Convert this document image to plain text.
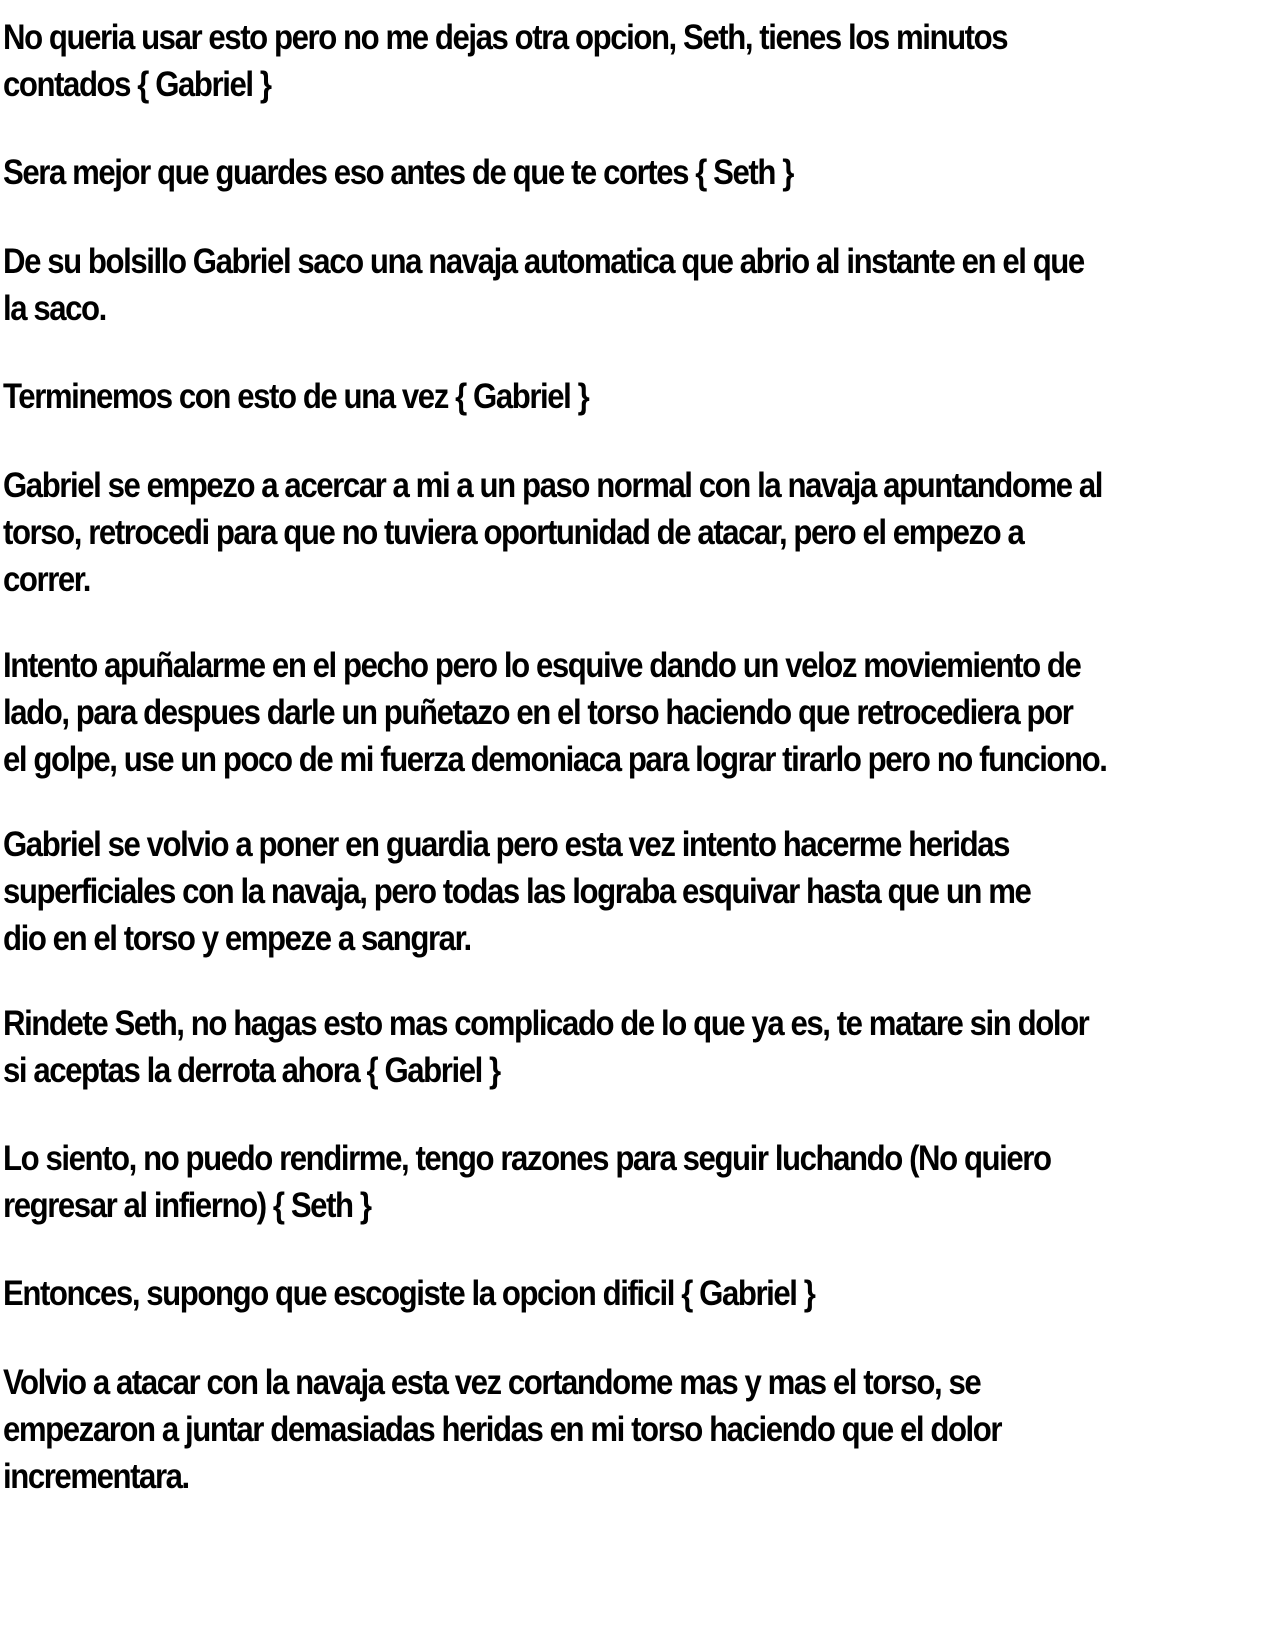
No queria usar esto pero no me dejas otra opcion, Seth, tienes los minutos
contados { Gabriel }

Sera mejor que guardes eso antes de que te cortes { Seth }

De su bolsillo Gabriel saco una navaja automatica que abrio al instante en el que
la saco.

Terminemos con esto de una vez { Gabriel }

Gabriel se empezo a acercar a mi a un paso normal con la navaja apuntandome al
torso, retrocedi para que no tuviera oportunidad de atacar, pero el empezo a
correr.

Intento apuñalarme en el pecho pero lo esquive dando un veloz moviemiento de
lado, para despues darle un puñetazo en el torso haciendo que retrocediera por
el golpe, use un poco de mi fuerza demoniaca para lograr tirarlo pero no funciono.

Gabriel se volvio a poner en guardia pero esta vez intento hacerme heridas
superficiales con la navaja, pero todas las lograba esquivar hasta que un me
dio en el torso y empeze a sangrar.

Rindete Seth, no hagas esto mas complicado de lo que ya es, te matare sin dolor
si aceptas la derrota ahora { Gabriel }

Lo siento, no puedo rendirme, tengo razones para seguir luchando (No quiero
regresar al infierno) { Seth }

Entonces, supongo que escogiste la opcion dificil { Gabriel }

Volvio a atacar con la navaja esta vez cortandome mas y mas el torso, se
empezaron a juntar demasiadas heridas en mi torso haciendo que el dolor
incrementara.
